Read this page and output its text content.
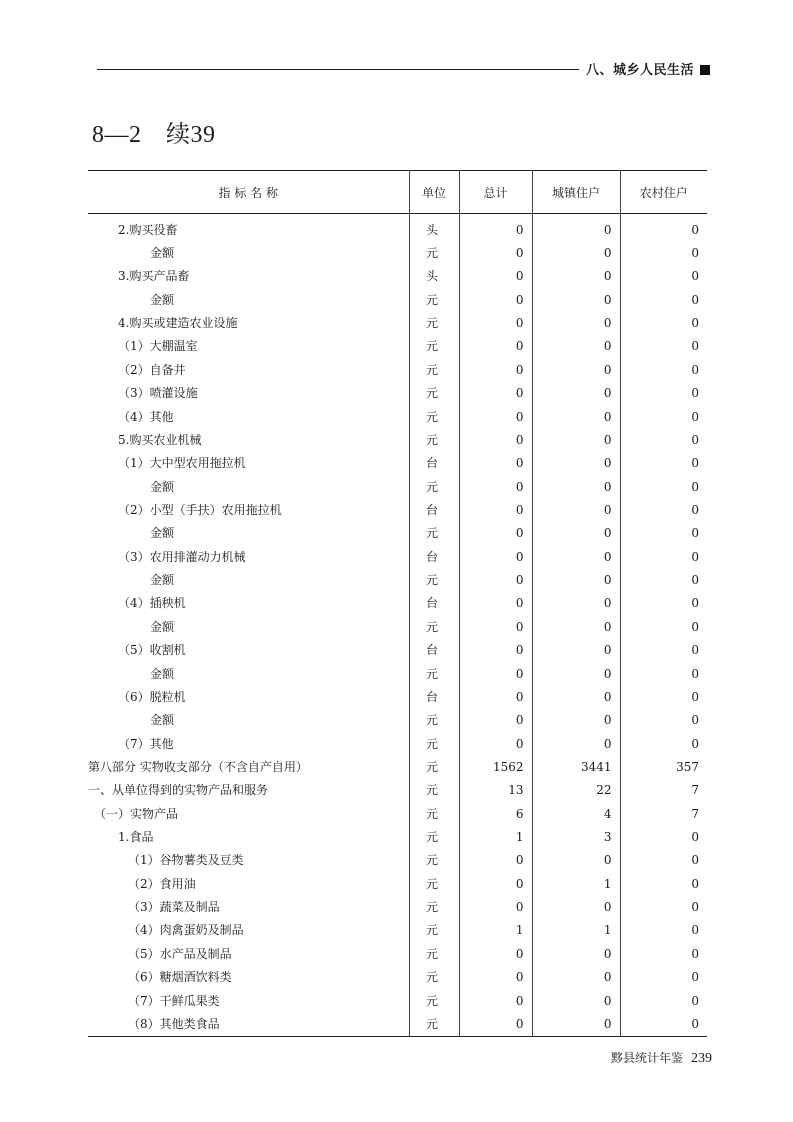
八、城乡人民生活
8—2　续39
指 标 名 称	单位	总计	城镇住户	农村住户
2.购买役畜	头	0	0	0
金额	元	0	0	0
3.购买产品畜	头	0	0	0
金额	元	0	0	0
4.购买或建造农业设施	元	0	0	0
（1）大棚温室	元	0	0	0
（2）自备井	元	0	0	0
（3）喷灌设施	元	0	0	0
（4）其他	元	0	0	0
5.购买农业机械	元	0	0	0
（1）大中型农用拖拉机	台	0	0	0
金额	元	0	0	0
（2）小型（手扶）农用拖拉机	台	0	0	0
金额	元	0	0	0
（3）农用排灌动力机械	台	0	0	0
金额	元	0	0	0
（4）插秧机	台	0	0	0
金额	元	0	0	0
（5）收割机	台	0	0	0
金额	元	0	0	0
（6）脱粒机	台	0	0	0
金额	元	0	0	0
（7）其他	元	0	0	0
第八部分 实物收支部分（不含自产自用）	元	1562	3441	357
一、从单位得到的实物产品和服务	元	13	22	7
（一）实物产品	元	6	4	7
1.食品	元	1	3	0
（1）谷物薯类及豆类	元	0	0	0
（2）食用油	元	0	1	0
（3）蔬菜及制品	元	0	0	0
（4）肉禽蛋奶及制品	元	1	1	0
（5）水产品及制品	元	0	0	0
（6）糖烟酒饮料类	元	0	0	0
（7）干鲜瓜果类	元	0	0	0
（8）其他类食品	元	0	0	0
黟县统计年鉴 239
